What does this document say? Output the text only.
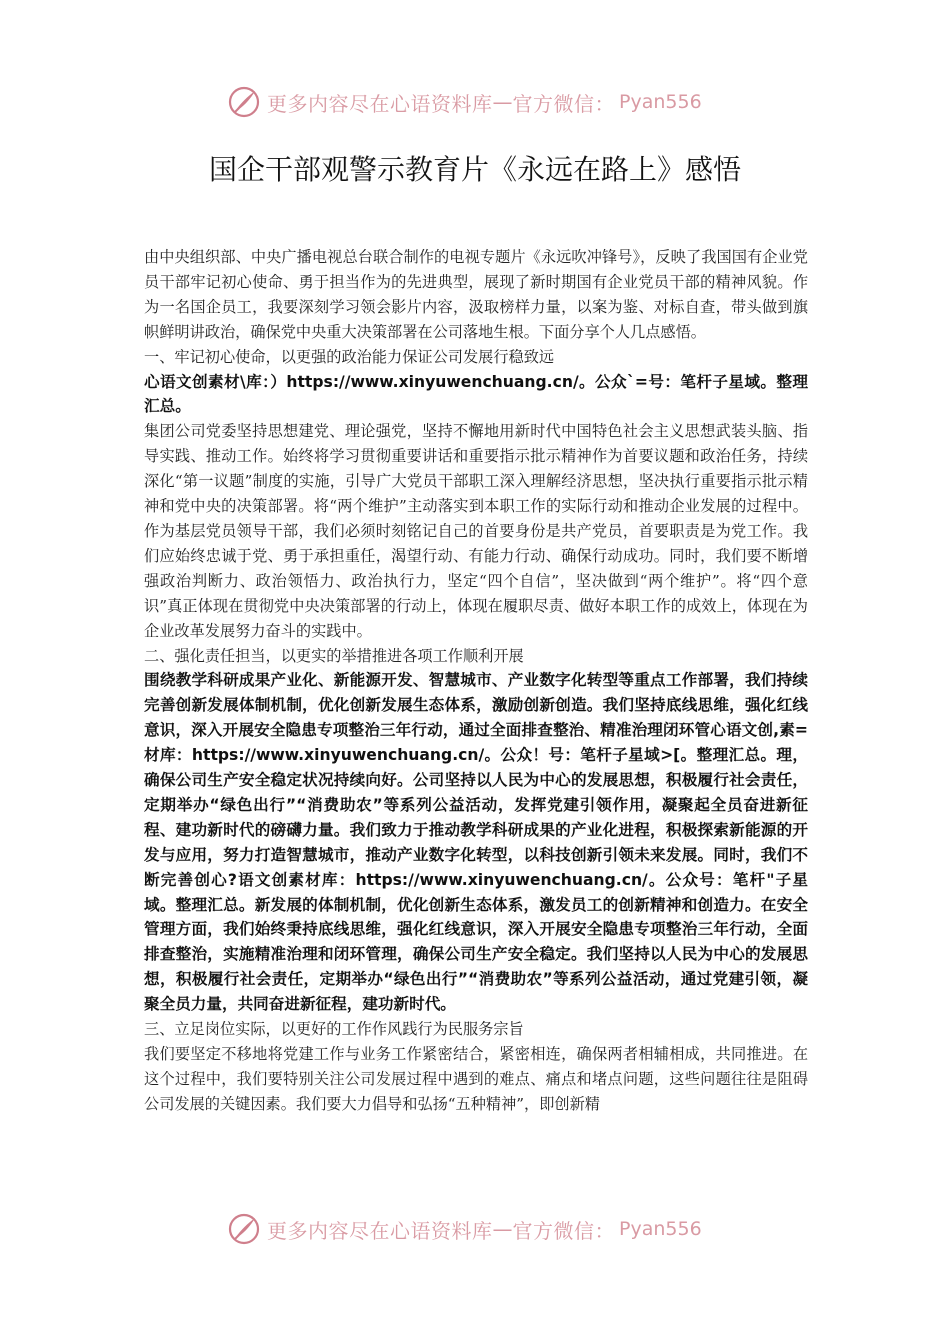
更多内容尽在心语资料库 — 官方微信： Pyan556
国企干部观警示教育片《永远在路上》感悟

由中央组织部、中央广播电视总台联合制作的电视专题片《永远吹冲锋号》，反映了我国国有企业党员干部牢记初心使命、勇于担当作为的先进典型，展现了新时期国有企业党员干部的精神风貌。作为一名国企员工，我要深刻学习领会影片内容，汲取榜样力量，以案为鉴、对标自查，带头做到旗帜鲜明讲政治，确保党中央重大决策部署在公司落地生根。下面分享个人几点感悟。

一、牢记初心使命，以更强的政治能力保证公司发展行稳致远

心语文创素材\库：）https://www.xinyuwenchuang.cn/。公众`=号：笔杆子星域。整理汇总。

集团公司党委坚持思想建党、理论强党，坚持不懈地用新时代中国特色社会主义思想武装头脑、指导实践、推动工作。始终将学习贯彻重要讲话和重要指示批示精神作为首要议题和政治任务，持续深化“第一议题”制度的实施，引导广大党员干部职工深入理解经济思想，坚决执行重要指示批示精神和党中央的决策部署。将“两个维护”主动落实到本职工作的实际行动和推动企业发展的过程中。作为基层党员领导干部，我们必须时刻铭记自己的首要身份是共产党员，首要职责是为党工作。我们应始终忠诚于党、勇于承担重任，渴望行动、有能力行动、确保行动成功。同时，我们要不断增强政治判断力、政治领悟力、政治执行力，坚定“四个自信”，坚决做到“两个维护”。将“四个意识”真正体现在贯彻党中央决策部署的行动上，体现在履职尽责、做好本职工作的成效上，体现在为企业改革发展努力奋斗的实践中。

二、强化责任担当，以更实的举措推进各项工作顺利开展

围绕教学科研成果产业化、新能源开发、智慧城市、产业数字化转型等重点工作部署，我们持续完善创新发展体制机制，优化创新发展生态体系，激励创新创造。我们坚持底线思维，强化红线意识，深入开展安全隐患专项整治三年行动，通过全面排查整治、精准治理闭环管心语文创,素=材库：https://www.xinyuwenchuang.cn/。公众！号：笔杆子星域>[。整理汇总。理，确保公司生产安全稳定状况持续向好。公司坚持以人民为中心的发展思想，积极履行社会责任，定期举办“绿色出行”“消费助农”等系列公益活动，发挥党建引领作用，凝聚起全员奋进新征程、建功新时代的磅礴力量。我们致力于推动教学科研成果的产业化进程，积极探索新能源的开发与应用，努力打造智慧城市，推动产业数字化转型，以科技创新引领未来发展。同时，我们不断完善创心?语文创素材库：https://www.xinyuwenchuang.cn/。公众号：笔杆"子星域。整理汇总。新发展的体制机制，优化创新生态体系，激发员工的创新精神和创造力。在安全管理方面，我们始终秉持底线思维，强化红线意识，深入开展安全隐患专项整治三年行动，全面排查整治，实施精准治理和闭环管理，确保公司生产安全稳定。我们坚持以人民为中心的发展思想，积极履行社会责任，定期举办“绿色出行”“消费助农”等系列公益活动，通过党建引领，凝聚全员力量，共同奋进新征程，建功新时代。

三、立足岗位实际，以更好的工作作风践行为民服务宗旨

我们要坚定不移地将党建工作与业务工作紧密结合，紧密相连，确保两者相辅相成，共同推进。在这个过程中，我们要特别关注公司发展过程中遇到的难点、痛点和堵点问题，这些问题往往是阻碍公司发展的关键因素。我们要大力倡导和弘扬“五种精神”，即创新精

更多内容尽在心语资料库 — 官方微信： Pyan556
